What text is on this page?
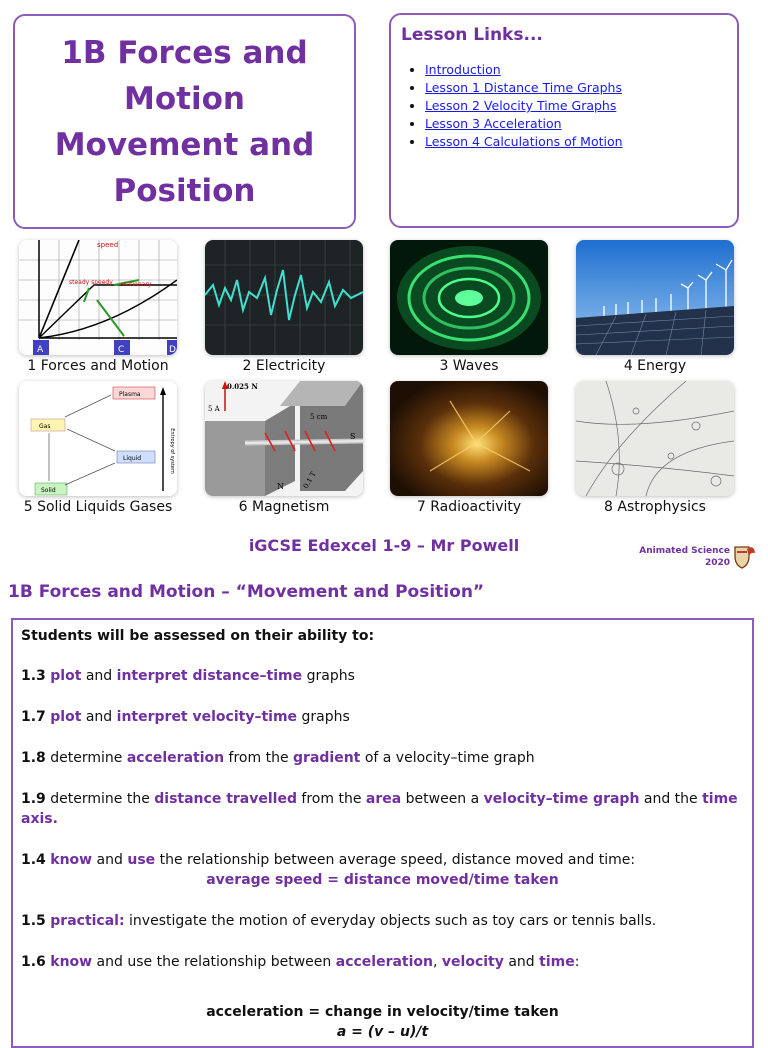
1B Forces and
Motion
Movement and
Position
Lesson Links...
• Introduction
• Lesson 1 Distance Time Graphs
• Lesson 2 Velocity Time Graphs
• Lesson 3 Acceleration
• Lesson 4 Calculations of Motion
speed
steady speedy stationary
A	C	D
1 Forces and Motion	2 Electricity	3 Waves	4 Energy
Plasma
Gas
Liquid
Solid
Entropy of system
5 Solid Liquids Gases
0.025 N
5 A
5 cm
S
N	0.1 T
6 Magnetism	7 Radioactivity	8 Astrophysics
iGCSE Edexcel 1-9 – Mr Powell	Animated Science
2020
1B Forces and Motion – “Movement and Position”

Students will be assessed on their ability to:

1.3 plot and interpret distance–time graphs

1.7 plot and interpret velocity–time graphs

1.8 determine acceleration from the gradient of a velocity–time graph

1.9 determine the distance travelled from the area between a velocity–time graph and the time axis.

1.4 know and use the relationship between average speed, distance moved and time:

average speed = distance moved/time taken

1.5 practical: investigate the motion of everyday objects such as toy cars or tennis balls.

1.6 know and use the relationship between acceleration, velocity and time:

acceleration = change in velocity/time taken

a = (v – u)/t
